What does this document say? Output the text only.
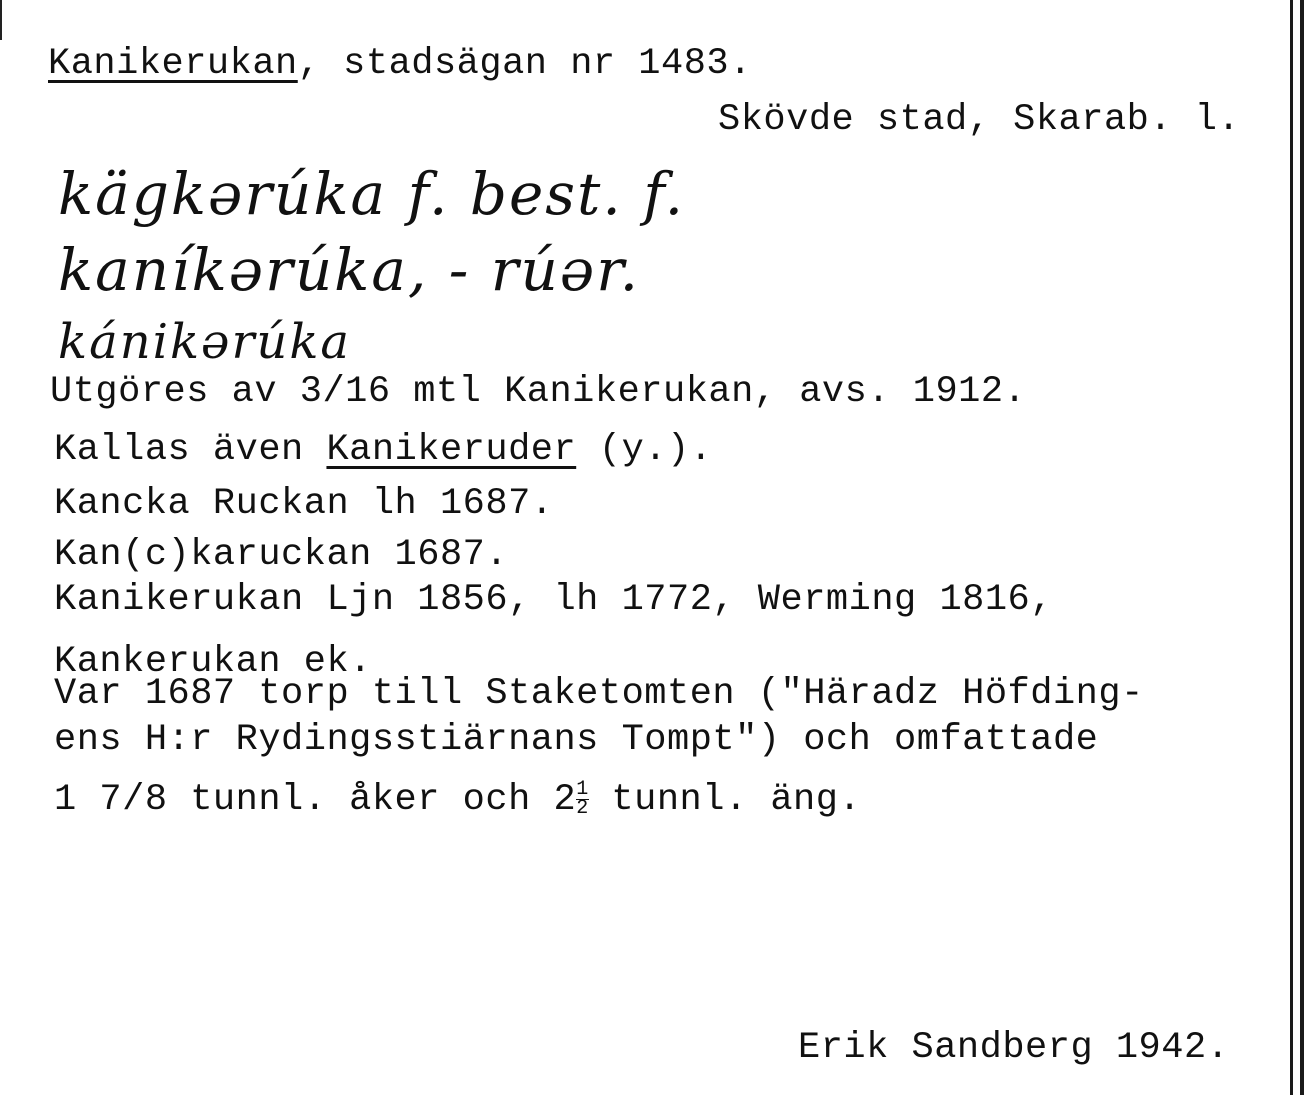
Kanikerukan, stadsägan nr 1483.
Skövde stad, Skarab. l.
kägkərúka f. best. f.
kaníkərúka, - rúər.
kánikərúka
Utgöres av 3/16 mtl Kanikerukan, avs. 1912.
Kallas även Kanikeruder (y.).
Kancka Ruckan lh 1687.
Kan(c)karuckan 1687.
Kanikerukan Ljn 1856, lh 1772, Werming 1816,
Kankerukan ek.
Var 1687 torp till Staketomten ("Häradz Höfding-
ens H:r Rydingsstiärnans Tompt") och omfattade
1 7/8 tunnl. åker och $2 \frac{1}{2}$ tunnl. äng.
Erik Sandberg 1942.
